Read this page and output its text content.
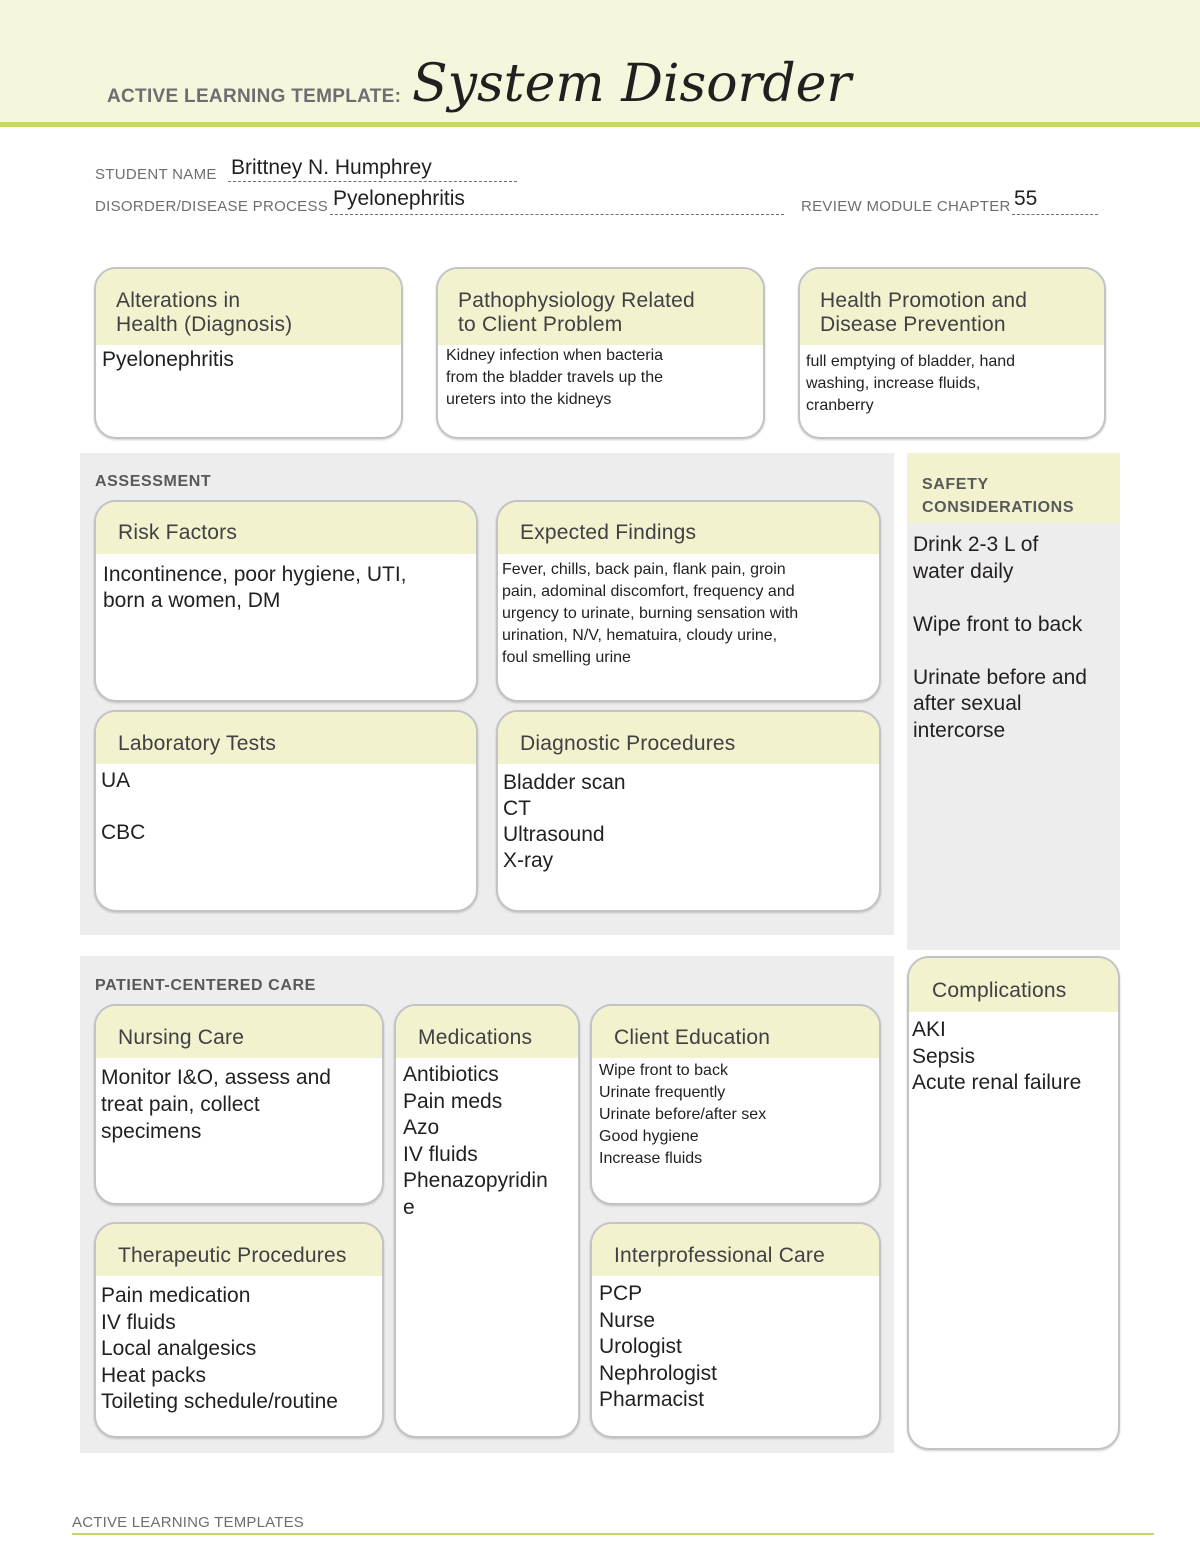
ACTIVE LEARNING TEMPLATE: System Disorder
STUDENT NAME Brittney N. Humphrey
DISORDER/DISEASE PROCESS Pyelonephritis	REVIEW MODULE CHAPTER 55
Alterations in
Health (Diagnosis)
Pyelonephritis
Pathophysiology Related
to Client Problem
Kidney infection when bacteria
from the bladder travels up the
ureters into the kidneys
Health Promotion and
Disease Prevention
full emptying of bladder, hand
washing, increase fluids,
cranberry
ASSESSMENT
Risk Factors
Incontinence, poor hygiene, UTI,
born a women, DM
Expected Findings
Fever, chills, back pain, flank pain, groin
pain, adominal discomfort, frequency and
urgency to urinate, burning sensation with
urination, N/V, hematuira, cloudy urine,
foul smelling urine
Laboratory Tests
UA

CBC
Diagnostic Procedures
Bladder scan
CT
Ultrasound
X-ray
SAFETY
CONSIDERATIONS
Drink 2-3 L of
water daily

Wipe front to back

Urinate before and
after sexual
intercorse
PATIENT-CENTERED CARE
Nursing Care
Monitor I&O, assess and
treat pain, collect
specimens
Medications
Antibiotics
Pain meds
Azo
IV fluids
Phenazopyridin
e
Client Education
Wipe front to back
Urinate frequently
Urinate before/after sex
Good hygiene
Increase fluids
Therapeutic Procedures
Pain medication
IV fluids
Local analgesics
Heat packs
Toileting schedule/routine
Interprofessional Care
PCP
Nurse
Urologist
Nephrologist
Pharmacist
Complications
AKI
Sepsis
Acute renal failure
ACTIVE LEARNING TEMPLATES
